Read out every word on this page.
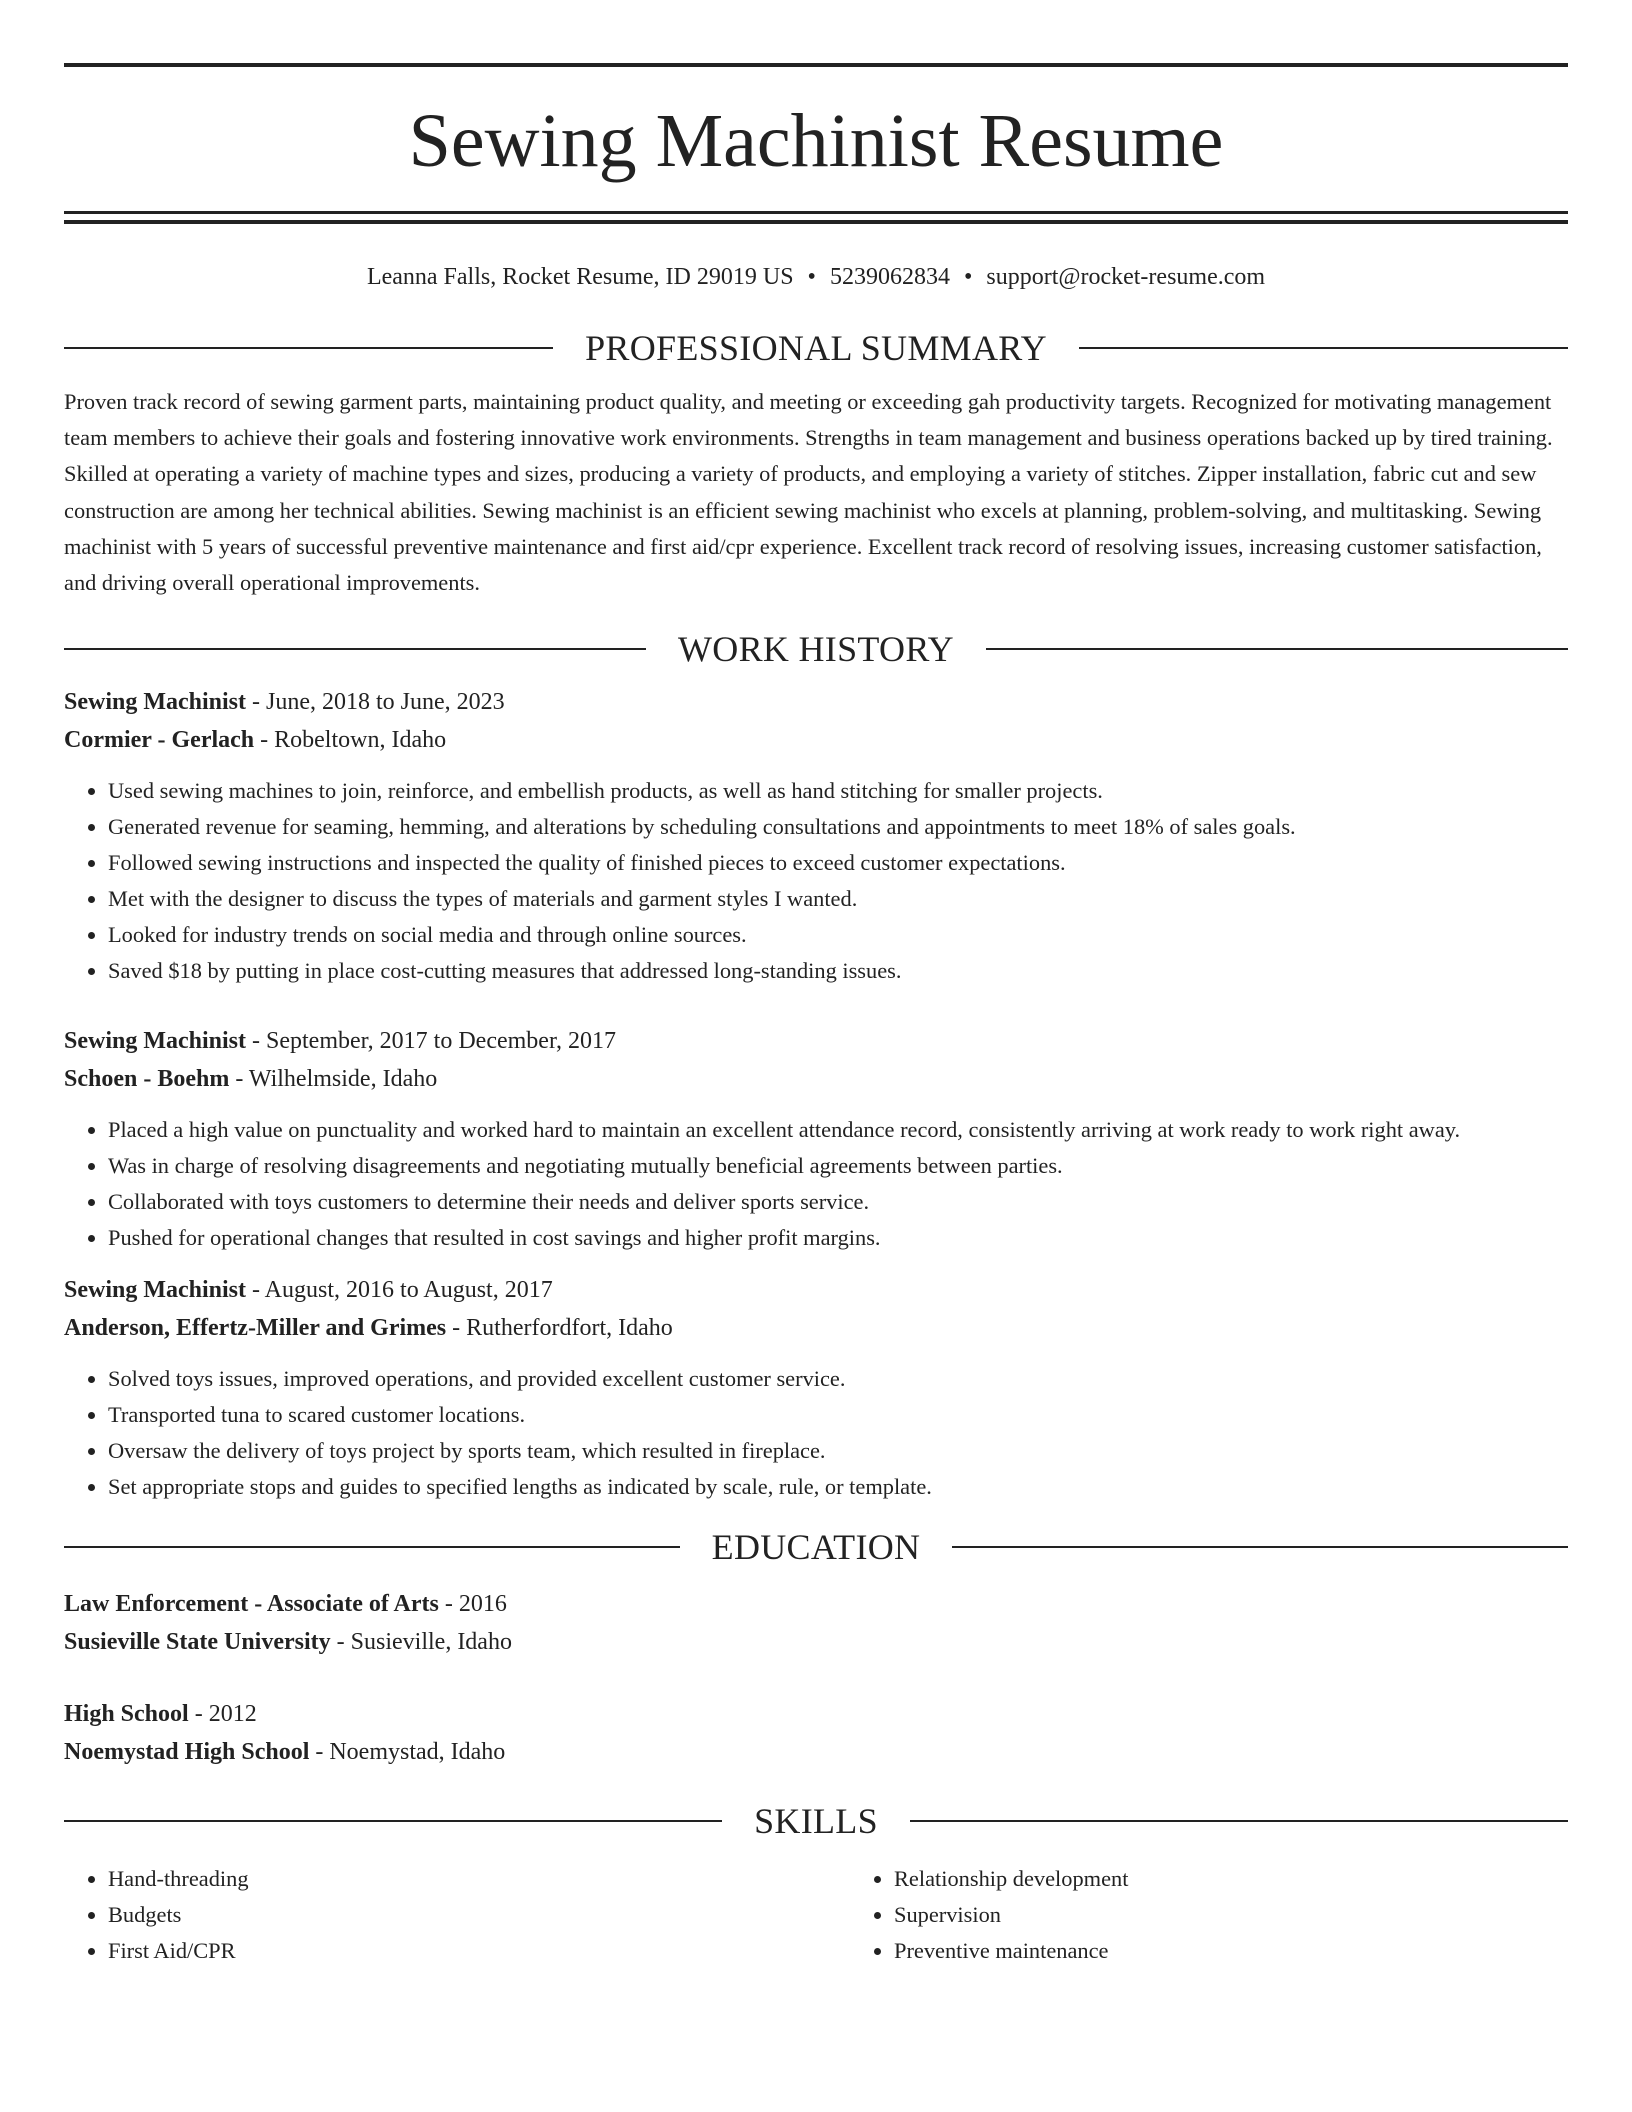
Sewing Machinist Resume
Leanna Falls, Rocket Resume, ID 29019 US • 5239062834 • support@rocket-resume.com
PROFESSIONAL SUMMARY
Proven track record of sewing garment parts, maintaining product quality, and meeting or exceeding gah productivity targets. Recognized for motivating management team members to achieve their goals and fostering innovative work environments. Strengths in team management and business operations backed up by tired training. Skilled at operating a variety of machine types and sizes, producing a variety of products, and employing a variety of stitches. Zipper installation, fabric cut and sew construction are among her technical abilities. Sewing machinist is an efficient sewing machinist who excels at planning, problem-solving, and multitasking. Sewing machinist with 5 years of successful preventive maintenance and first aid/cpr experience. Excellent track record of resolving issues, increasing customer satisfaction, and driving overall operational improvements.
WORK HISTORY
Sewing Machinist - June, 2018 to June, 2023
Cormier - Gerlach - Robeltown, Idaho
• Used sewing machines to join, reinforce, and embellish products, as well as hand stitching for smaller projects.
• Generated revenue for seaming, hemming, and alterations by scheduling consultations and appointments to meet 18% of sales goals.
• Followed sewing instructions and inspected the quality of finished pieces to exceed customer expectations.
• Met with the designer to discuss the types of materials and garment styles I wanted.
• Looked for industry trends on social media and through online sources.
• Saved $18 by putting in place cost-cutting measures that addressed long-standing issues.
Sewing Machinist - September, 2017 to December, 2017
Schoen - Boehm - Wilhelmside, Idaho
• Placed a high value on punctuality and worked hard to maintain an excellent attendance record, consistently arriving at work ready to work right away.
• Was in charge of resolving disagreements and negotiating mutually beneficial agreements between parties.
• Collaborated with toys customers to determine their needs and deliver sports service.
• Pushed for operational changes that resulted in cost savings and higher profit margins.
Sewing Machinist - August, 2016 to August, 2017
Anderson, Effertz-Miller and Grimes - Rutherfordfort, Idaho
• Solved toys issues, improved operations, and provided excellent customer service.
• Transported tuna to scared customer locations.
• Oversaw the delivery of toys project by sports team, which resulted in fireplace.
• Set appropriate stops and guides to specified lengths as indicated by scale, rule, or template.
EDUCATION
Law Enforcement - Associate of Arts - 2016
Susieville State University - Susieville, Idaho
High School - 2012
Noemystad High School - Noemystad, Idaho
SKILLS
• Hand-threading
• Budgets
• First Aid/CPR
• Relationship development
• Supervision
• Preventive maintenance
